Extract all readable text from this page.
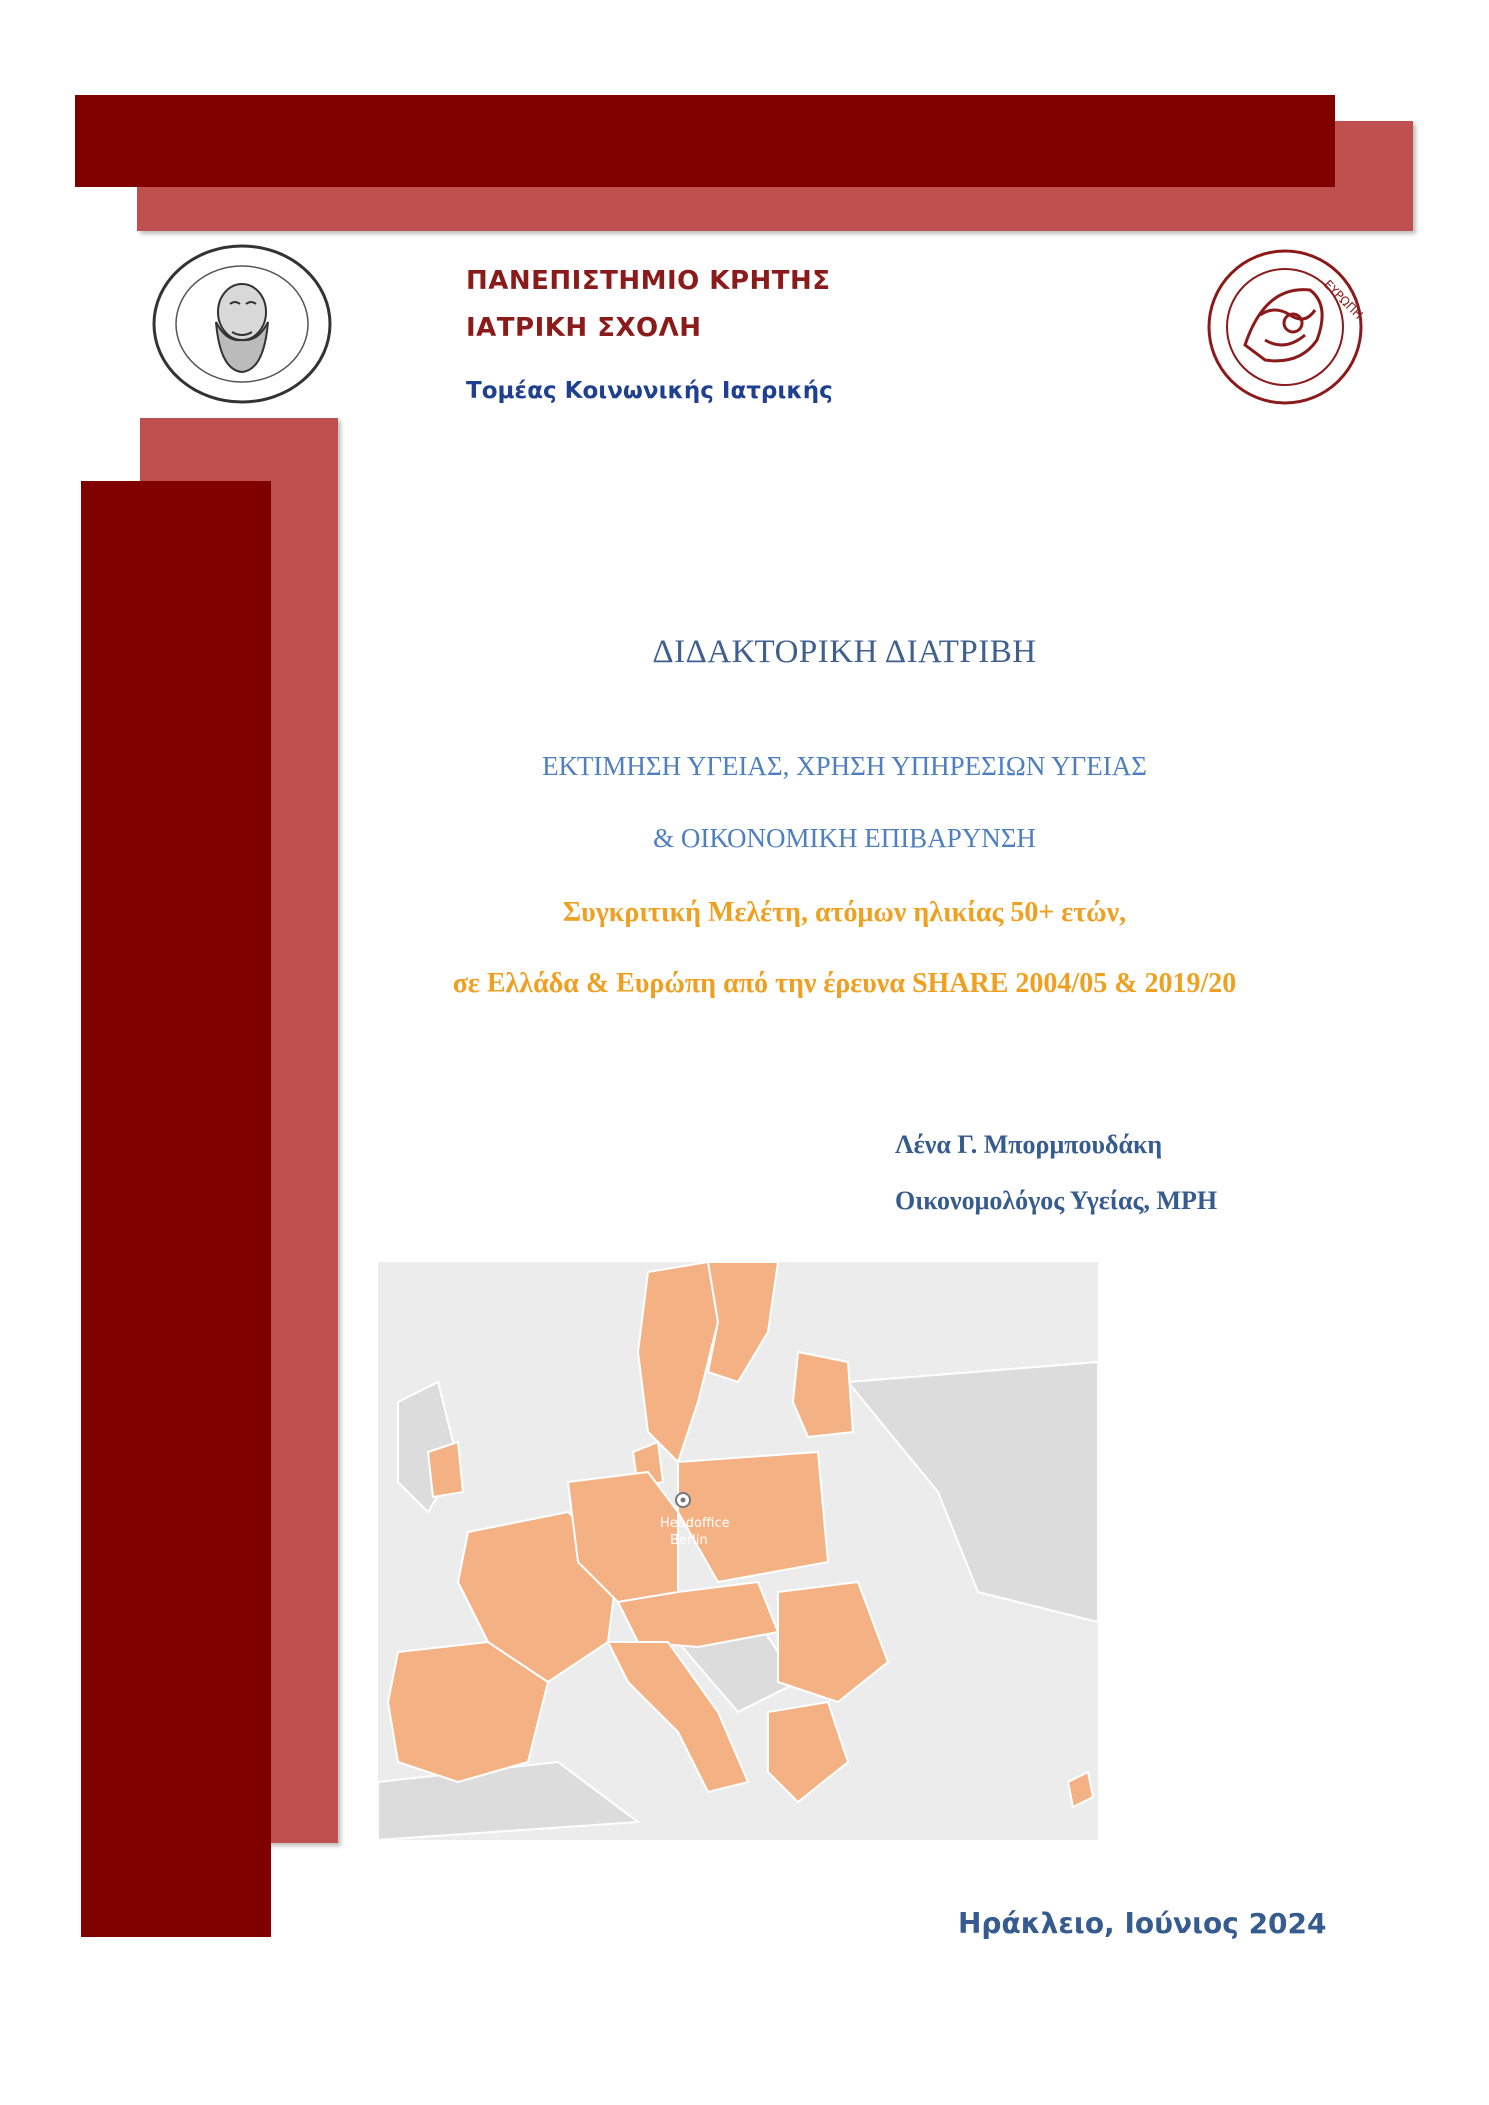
ΕΥΡΩΠΗ
ΠΑΝΕΠΙΣΤΗΜΙΟ ΚΡΗΤΗΣ
ΙΑΤΡΙΚΗ ΣΧΟΛΗ
Τομέας Κοινωνικής Ιατρικής
ΔΙΔΑΚΤΟΡΙΚΗ ΔΙΑΤΡΙΒΗ
ΕΚΤΙΜΗΣΗ ΥΓΕΙΑΣ, ΧΡΗΣΗ ΥΠΗΡΕΣΙΩΝ ΥΓΕΙΑΣ
& ΟΙΚΟΝΟΜΙΚΗ ΕΠΙΒΑΡΥΝΣΗ
Συγκριτική Μελέτη, ατόμων ηλικίας 50+ ετών,
σε Ελλάδα & Ευρώπη από την έρευνα SHARE 2004/05 & 2019/20
Λένα Γ. Μπορμπουδάκη
Οικονομολόγος Υγείας, MPH
Headoffice
Berlin
Ηράκλειο, Ιούνιος 2024
